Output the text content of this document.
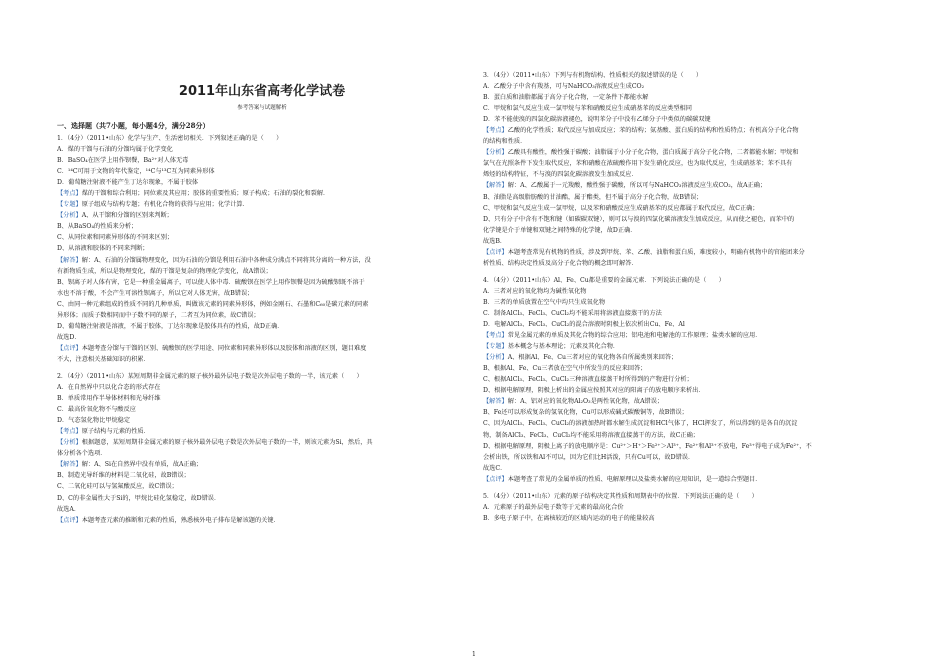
2011年山东省高考化学试卷
参考答案与试题解析
一、选择题（共7小题，每小题4分，满分28分）
1．（4分）（2011•山东）化学与生产、生活密切相关．下列叙述正确的是（　　）
A．煤的干馏与石油的分馏均属于化学变化
B．BaSO₄在医学上用作钡餐，Ba²⁺对人体无毒
C．¹⁴C可用于文物的年代鉴定，¹⁴C与¹³C互为同素异形体
D．葡萄糖注射液不能产生丁达尔现象，不属于胶体
【考点】煤的干馏和综合利用；同位素及其应用；胶体的重要性质；原子构成；石油的裂化和裂解．
【专题】原子组成与结构专题；有机化合物的获得与应用；化学计算．
【分析】A、从干馏和分馏的区别来判断；
B、从BaSO₄的性质来分析；
C、从同位素和同素异形体的不同来区别；
D、从溶液和胶体的不同来判断；
【解答】解：A、石油的分馏属物理变化，因为石油的分馏是利用石油中各种成分沸点不同将其分离的一种方法，没
有新物质生成，所以是物理变化，煤的干馏是复杂的物理化学变化，故A错误；
B、钡离子对人体有害，它是一种重金属离子，可以使人体中毒．硫酸钡在医学上用作钡餐是因为硫酸钡既不溶于
水也不溶于酸，不会产生可溶性钡离子，所以它对人体无害，故B错误；
C、由同一种元素组成的性质不同的几种单质，叫做该元素的同素异形体，例如金刚石、石墨和C₆₀是碳元素的同素
异形体；而质子数相同而中子数不同的原子，二者互为同位素，故C错误；
D、葡萄糖注射液是溶液，不属于胶体，丁达尔现象是胶体具有的性质，故D正确．
故选D．
【点评】本题考查分馏与干馏的区别、硫酸钡的医学用途、同位素和同素异形体以及胶体和溶液的区别，题目难度
不大，注意相关基础知识的积累．
2．（4分）（2011•山东）某短周期非金属元素的原子核外最外层电子数是次外层电子数的一半，该元素（　　）
A．在自然界中只以化合态的形式存在
B．单质常用作半导体材料和光导纤维
C．最高价氧化物不与酸反应
D．气态氢化物比甲烷稳定
【考点】原子结构与元素的性质．
【分析】根据题意，某短周期非金属元素的原子核外最外层电子数是次外层电子数的一半，则该元素为Si，然后，具
体分析各个选项．
【解答】解：A、Si在自然界中没有单质，故A正确；
B、制造光导纤维的材料是二氧化硅，故B错误；
C、二氧化硅可以与氢氟酸反应，故C错误；
D、C的非金属性大于Si的，甲烷比硅化氢稳定，故D错误．
故选A．
【点评】本题考查元素的推断和元素的性质，熟悉核外电子排布是解该题的关键．
3．（4分）（2011•山东）下列与有机物结构、性质相关的叙述错误的是（　　）
A．乙酸分子中含有羧基，可与NaHCO₃溶液反应生成CO₂
B．蛋白质和油脂都属于高分子化合物，一定条件下都能水解
C．甲烷和氯气反应生成一氯甲烷与苯和硝酸反应生成硝基苯的反应类型相同
D．苯不能使溴的四氯化碳溶液褪色，说明苯分子中没有乙烯分子中类似的碳碳双键
【考点】乙酸的化学性质；取代反应与加成反应；苯的结构；氨基酸、蛋白质的结构和性质特点；有机高分子化合物
的结构和性质．
【分析】乙酸具有酸性，酸性强于碳酸；油脂属于小分子化合物，蛋白质属于高分子化合物，二者都能水解；甲烷和
氯气在光照条件下发生取代反应，苯和硝酸在浓硫酸作用下发生硝化反应，也为取代反应，生成硝基苯；苯不具有
烯烃的结构特征，不与溴的四氯化碳溶液发生加成反应．
【解答】解：A、乙酸属于一元羧酸，酸性强于碳酸，所以可与NaHCO₃溶液反应生成CO₂，故A正确；
B、油脂是高级脂肪酸的甘油酯，属于酯类，但不属于高分子化合物，故B错误；
C、甲烷和氯气反应生成一氯甲烷，以及苯和硝酸反应生成硝基苯的反应都属于取代反应，故C正确；
D、只有分子中含有不饱和键（如碳碳双键），则可以与溴的四氯化碳溶液发生加成反应，从而使之褪色，而苯中的
化学键是介于单键和双键之间特殊的化学键，故D正确．
故选B．
【点评】本题考查常见有机物的性质，涉及到甲烷、苯、乙酸、油脂和蛋白质，难度较小，明确有机物中的官能团来分
析性质、结构决定性质及高分子化合物的概念即可解答．
4．（4分）（2011•山东）Al、Fe、Cu都是重要的金属元素．下列说法正确的是（　　）
A．三者对应的氧化物均为碱性氧化物
B．三者的单质放置在空气中均只生成氧化物
C．制备AlCl₃、FeCl₃、CuCl₂均不能采用将溶液直接蒸干的方法
D．电解AlCl₃、FeCl₃、CuCl₂的混合溶液时阴极上依次析出Cu、Fe、Al
【考点】常见金属元素的单质及其化合物的综合应用；铝电池和电解池的工作原理；盐类水解的应用．
【专题】基本概念与基本理论；元素及其化合物．
【分析】A、根据Al、Fe、Cu三者对应的氧化物各自所属类别来回答；
B、根据Al、Fe、Cu三者放在空气中所发生的反应来回答；
C、根据AlCl₃、FeCl₃、CuCl₂三种溶液直接蒸干时所得到的产物进行分析；
D、根据电解原理，阴极上析出的金属应按照其对应的阳离子的放电顺序来析出．
【解答】解：A、铝对应的氧化物Al₂O₃是两性氧化物，故A错误；
B、Fe还可以形成复杂的氢氧化物，Cu可以形成碱式碳酸铜等，故B错误；
C、因为AlCl₃、FeCl₃、CuCl₂的溶液加热时都水解生成沉淀和HCl气体了，HCl挥发了，所以得到的是各自的沉淀
物，制备AlCl₃、FeCl₃、CuCl₂均不能采用将溶液直接蒸干的方法，故C正确；
D、根据电解原理，阴极上离子的放电顺序是：Cu²⁺＞H⁺＞Fe²⁺＞Al³⁺，Fe²⁺和Al³⁺不放电，Fe³⁺得电子成为Fe²⁺，不
会析出铁，所以铁和Al不可以，因为它们比H活泼，只有Cu可以，故D错误．
故选C．
【点评】本题考查了常见的金属单质的性质、电解原理以及盐类水解的应用知识，是一道综合型题目．
5．（4分）（2011•山东）元素的原子结构决定其性质和周期表中的位置．下列说法正确的是（　　）
A．元素原子的最外层电子数等于元素的最高化合价
B．多电子原子中，在离核较近的区域内运动的电子的能量较高
1
